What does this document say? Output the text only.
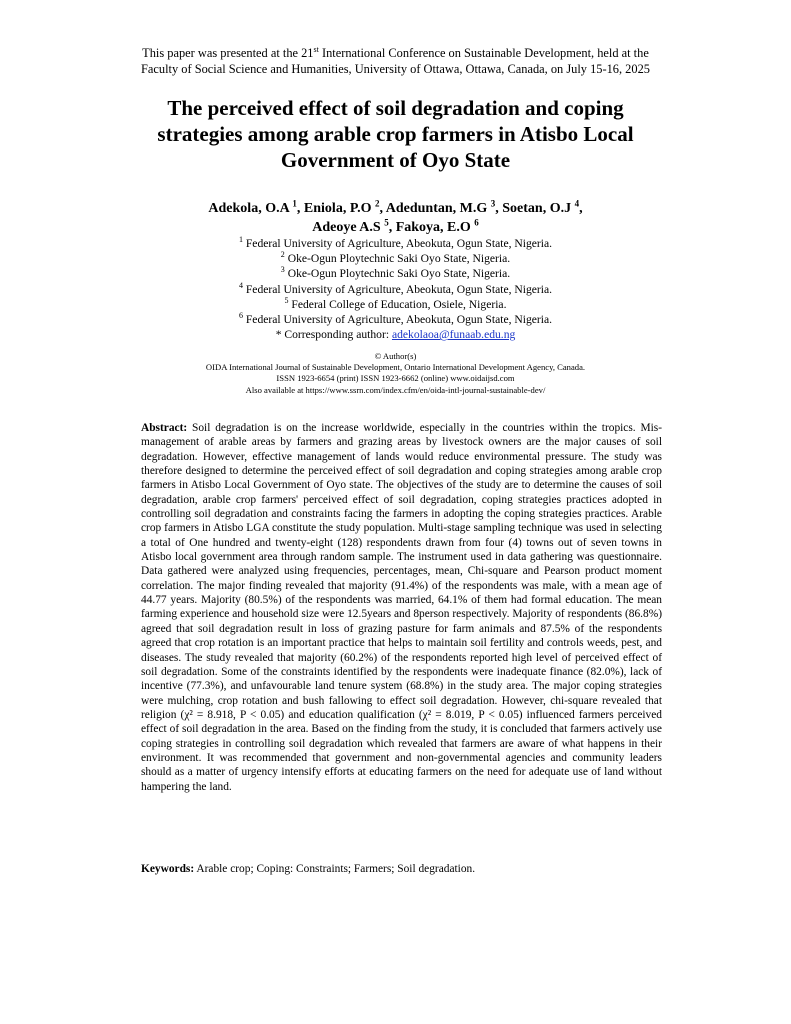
This paper was presented at the 21st International Conference on Sustainable Development, held at the
Faculty of Social Science and Humanities, University of Ottawa, Ottawa, Canada, on July 15-16, 2025
The perceived effect of soil degradation and coping
strategies among arable crop farmers in Atisbo Local
Government of Oyo State
Adekola, O.A $^1$, Eniola, P.O $^2$, Adeduntan, M.G $^3$, Soetan, O.J $^4$,
Adeoye A.S $^5$, Fakoya, E.O $^6$
$^1$ Federal University of Agriculture, Abeokuta, Ogun State, Nigeria.
$^2$ Oke-Ogun Ploytechnic Saki Oyo State, Nigeria.
$^3$ Oke-Ogun Ploytechnic Saki Oyo State, Nigeria.
$^4$ Federal University of Agriculture, Abeokuta, Ogun State, Nigeria.
$^5$ Federal College of Education, Osiele, Nigeria.
$^6$ Federal University of Agriculture, Abeokuta, Ogun State, Nigeria.
* Corresponding author: adekolaoa@funaab.edu.ng
© Author(s)
OIDA International Journal of Sustainable Development, Ontario International Development Agency, Canada.
ISSN 1923-6654 (print) ISSN 1923-6662 (online) www.oidaijsd.com
Also available at https://www.ssrn.com/index.cfm/en/oida-intl-journal-sustainable-dev/
Abstract: Soil degradation is on the increase worldwide, especially in the countries within the tropics. Mis-management of arable areas by farmers and grazing areas by livestock owners are the major causes of soil degradation. However, effective management of lands would reduce environmental pressure. The study was therefore designed to determine the perceived effect of soil degradation and coping strategies among arable crop farmers in Atisbo Local Government of Oyo state. The objectives of the study are to determine the causes of soil degradation, arable crop farmers' perceived effect of soil degradation, coping strategies practices adopted in controlling soil degradation and constraints facing the farmers in adopting the coping strategies practices. Arable crop farmers in Atisbo LGA constitute the study population. Multi-stage sampling technique was used in selecting a total of One hundred and twenty-eight (128) respondents drawn from four (4) towns out of seven towns in Atisbo local government area through random sample. The instrument used in data gathering was questionnaire. Data gathered were analyzed using frequencies, percentages, mean, Chi-square and Pearson product moment correlation. The major finding revealed that majority (91.4%) of the respondents was male, with a mean age of 44.77 years. Majority (80.5%) of the respondents was married, 64.1% of them had formal education. The mean farming experience and household size were 12.5years and 8person respectively. Majority of respondents (86.8%) agreed that soil degradation result in loss of grazing pasture for farm animals and 87.5% of the respondents agreed that crop rotation is an important practice that helps to maintain soil fertility and controls weeds, pest, and diseases. The study revealed that majority (60.2%) of the respondents reported high level of perceived effect of soil degradation. Some of the constraints identified by the respondents were inadequate finance (82.0%), lack of incentive (77.3%), and unfavourable land tenure system (68.8%) in the study area. The major coping strategies were mulching, crop rotation and bush fallowing to effect soil degradation. However, chi-square revealed that religion (χ² = 8.918, P < 0.05) and education qualification (χ² = 8.019, P < 0.05) influenced farmers perceived effect of soil degradation in the area. Based on the finding from the study, it is concluded that farmers actively use coping strategies in controlling soil degradation which revealed that farmers are aware of what happens in their environment. It was recommended that government and non-governmental agencies and community leaders should as a matter of urgency intensify efforts at educating farmers on the need for adequate use of land without hampering the land.
Keywords: Arable crop; Coping: Constraints; Farmers; Soil degradation.
